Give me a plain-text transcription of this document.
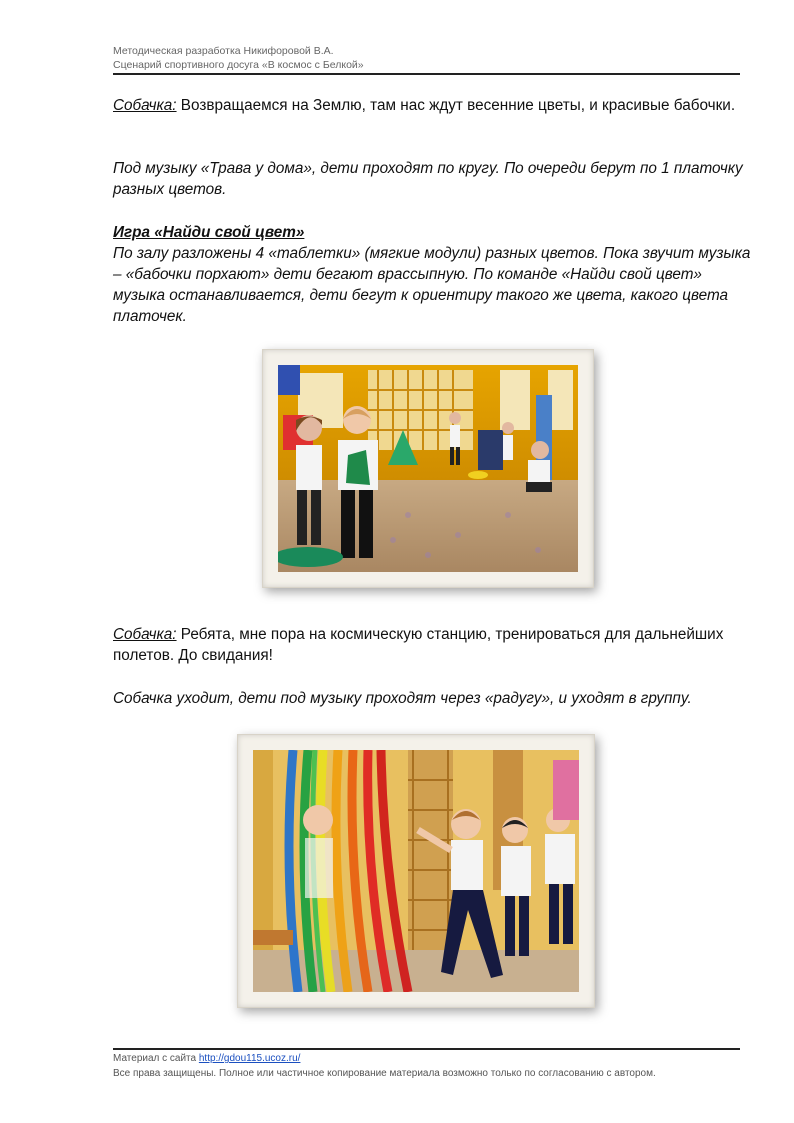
Методическая разработка Никифоровой В.А.
Сценарий спортивного досуга «В космос с Белкой»
Собачка: Возвращаемся на Землю, там нас ждут весенние цветы, и красивые бабочки.
Под музыку «Трава у дома», дети проходят по кругу. По очереди берут по 1 платочку разных цветов.
Игра «Найди свой цвет»
По залу разложены 4 «таблетки» (мягкие модули) разных цветов. Пока звучит музыка – «бабочки порхают» дети бегают врассыпную. По команде «Найди свой цвет» музыка останавливается, дети бегут к ориентиру такого же цвета, какого цвета платочек.
Собачка: Ребята, мне пора на космическую станцию, тренироваться для дальнейших полетов. До свидания!
Собачка уходит, дети под музыку проходят через «радугу», и уходят в группу.
Материал с сайта http://gdou115.ucoz.ru/
Все права защищены. Полное или частичное копирование материала возможно только по согласованию с автором.
